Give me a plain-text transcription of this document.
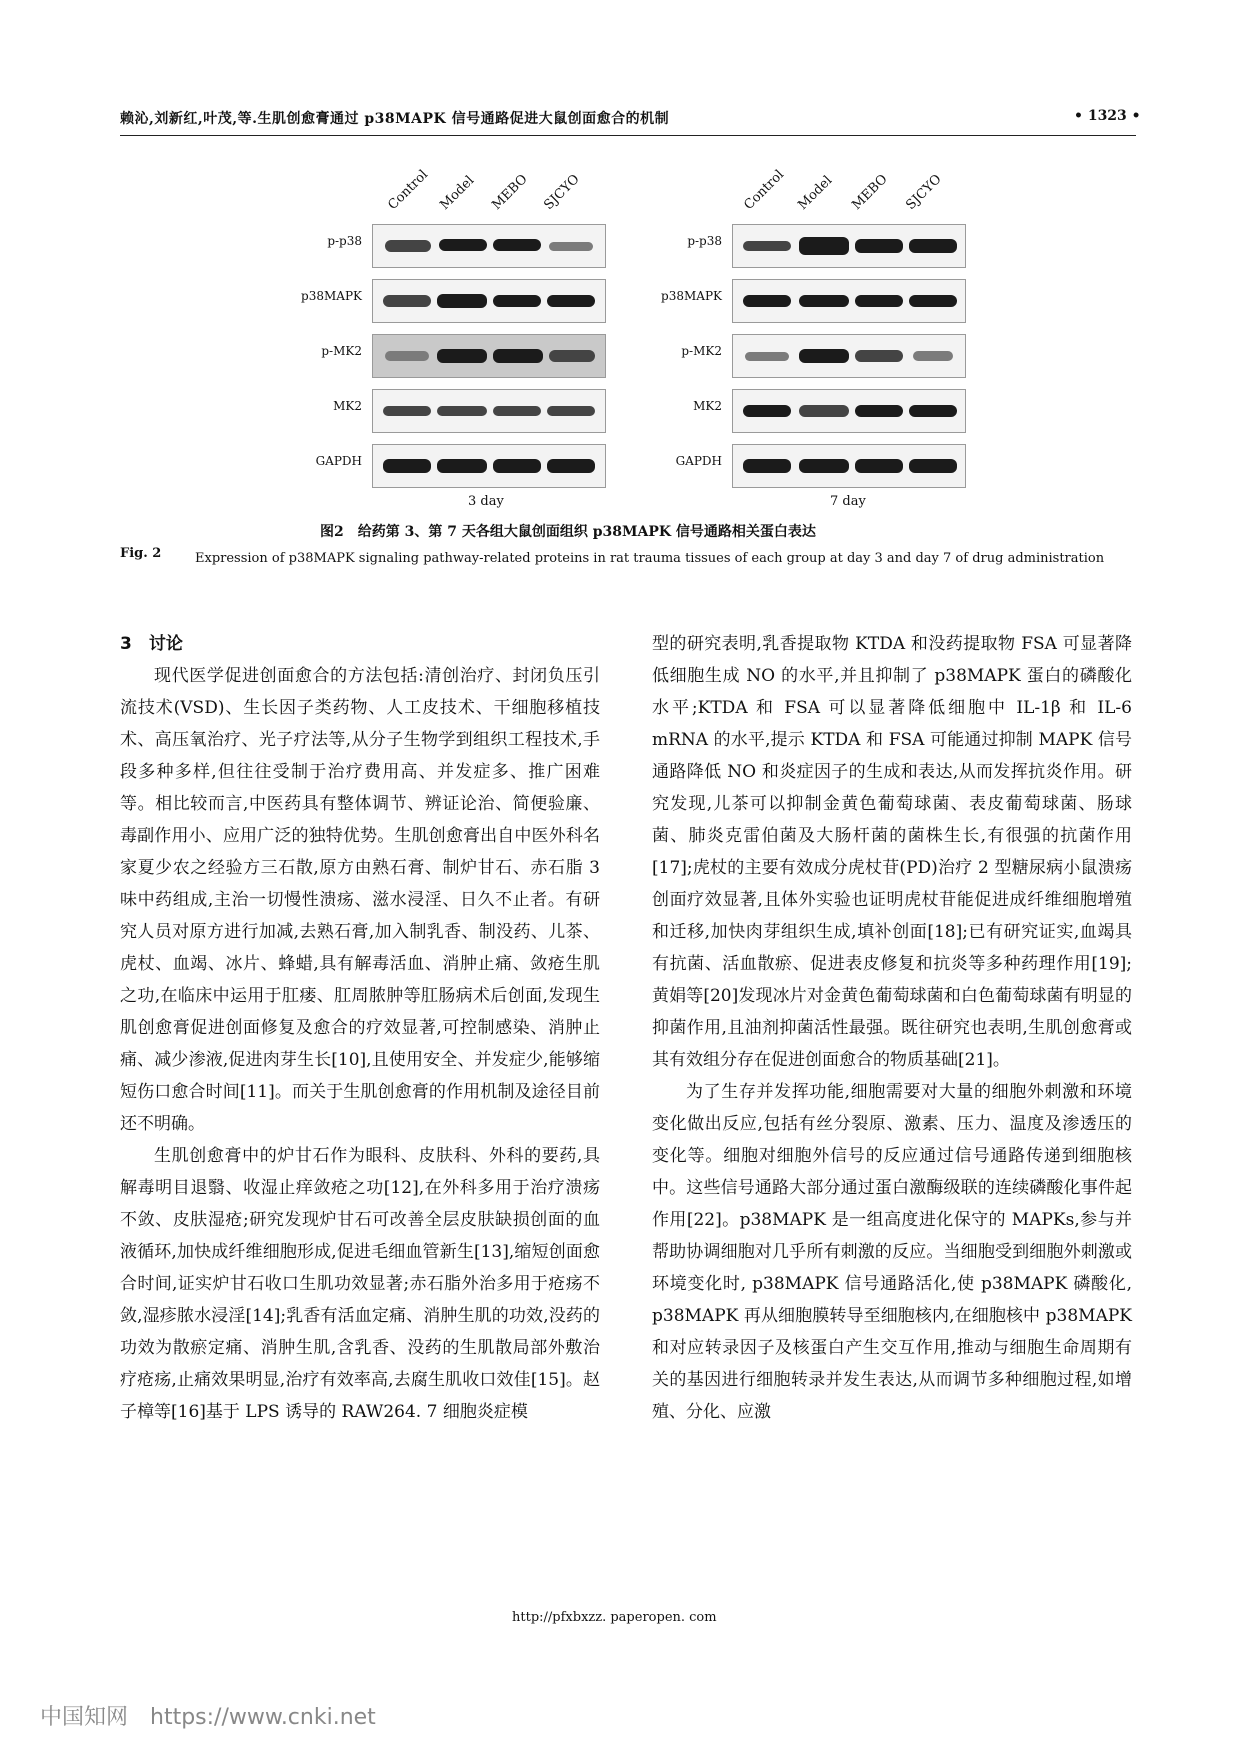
赖沁,刘新红,叶茂,等.生肌创愈膏通过 p38MAPK 信号通路促进大鼠创面愈合的机制	• 1323 •
Control Model MEBO SJCYO	Control Model MEBO SJCYO
p-p38
p38MAPK
p-MK2
MK2
GAPDH
p-p38
p38MAPK
p-MK2
MK2
GAPDH
3 day	7 day
图2　给药第 3、第 7 天各组大鼠创面组织 p38MAPK 信号通路相关蛋白表达
Fig. 2	Expression of p38MAPK signaling pathway-related proteins in rat trauma tissues of each group at day 3 and day 7 of drug administration
3　讨论

现代医学促进创面愈合的方法包括:清创治疗、封闭负压引流技术(VSD)、生长因子类药物、人工皮技术、干细胞移植技术、高压氧治疗、光子疗法等,从分子生物学到组织工程技术,手段多种多样,但往往受制于治疗费用高、并发症多、推广困难等。相比较而言,中医药具有整体调节、辨证论治、简便验廉、毒副作用小、应用广泛的独特优势。生肌创愈膏出自中医外科名家夏少农之经验方三石散,原方由熟石膏、制炉甘石、赤石脂 3 味中药组成,主治一切慢性溃疡、滋水浸淫、日久不止者。有研究人员对原方进行加减,去熟石膏,加入制乳香、制没药、儿茶、虎杖、血竭、冰片、蜂蜡,具有解毒活血、消肿止痛、敛疮生肌之功,在临床中运用于肛瘘、肛周脓肿等肛肠病术后创面,发现生肌创愈膏促进创面修复及愈合的疗效显著,可控制感染、消肿止痛、减少渗液,促进肉芽生长[10],且使用安全、并发症少,能够缩短伤口愈合时间[11]。而关于生肌创愈膏的作用机制及途径目前还不明确。

生肌创愈膏中的炉甘石作为眼科、皮肤科、外科的要药,具解毒明目退翳、收湿止痒敛疮之功[12],在外科多用于治疗溃疡不敛、皮肤湿疮;研究发现炉甘石可改善全层皮肤缺损创面的血液循环,加快成纤维细胞形成,促进毛细血管新生[13],缩短创面愈合时间,证实炉甘石收口生肌功效显著;赤石脂外治多用于疮疡不敛,湿疹脓水浸淫[14];乳香有活血定痛、消肿生肌的功效,没药的功效为散瘀定痛、消肿生肌,含乳香、没药的生肌散局部外敷治疗疮疡,止痛效果明显,治疗有效率高,去腐生肌收口效佳[15]。赵子樟等[16]基于 LPS 诱导的 RAW264. 7 细胞炎症模

型的研究表明,乳香提取物 KTDA 和没药提取物 FSA 可显著降低细胞生成 NO 的水平,并且抑制了 p38MAPK 蛋白的磷酸化水平;KTDA 和 FSA 可以显著降低细胞中 IL-1β 和 IL-6 mRNA 的水平,提示 KTDA 和 FSA 可能通过抑制 MAPK 信号通路降低 NO 和炎症因子的生成和表达,从而发挥抗炎作用。研究发现,儿茶可以抑制金黄色葡萄球菌、表皮葡萄球菌、肠球菌、肺炎克雷伯菌及大肠杆菌的菌株生长,有很强的抗菌作用[17];虎杖的主要有效成分虎杖苷(PD)治疗 2 型糖尿病小鼠溃疡创面疗效显著,且体外实验也证明虎杖苷能促进成纤维细胞增殖和迁移,加快肉芽组织生成,填补创面[18];已有研究证实,血竭具有抗菌、活血散瘀、促进表皮修复和抗炎等多种药理作用[19];黄娟等[20]发现冰片对金黄色葡萄球菌和白色葡萄球菌有明显的抑菌作用,且油剂抑菌活性最强。既往研究也表明,生肌创愈膏或其有效组分存在促进创面愈合的物质基础[21]。

为了生存并发挥功能,细胞需要对大量的细胞外刺激和环境变化做出反应,包括有丝分裂原、激素、压力、温度及渗透压的变化等。细胞对细胞外信号的反应通过信号通路传递到细胞核中。这些信号通路大部分通过蛋白激酶级联的连续磷酸化事件起作用[22]。p38MAPK 是一组高度进化保守的 MAPKs,参与并帮助协调细胞对几乎所有刺激的反应。当细胞受到细胞外刺激或环境变化时, p38MAPK 信号通路活化,使 p38MAPK 磷酸化, p38MAPK 再从细胞膜转导至细胞核内,在细胞核中 p38MAPK 和对应转录因子及核蛋白产生交互作用,推动与细胞生命周期有关的基因进行细胞转录并发生表达,从而调节多种细胞过程,如增殖、分化、应激

http://pfxbxzz. paperopen. com
中国知网　https://www.cnki.net
